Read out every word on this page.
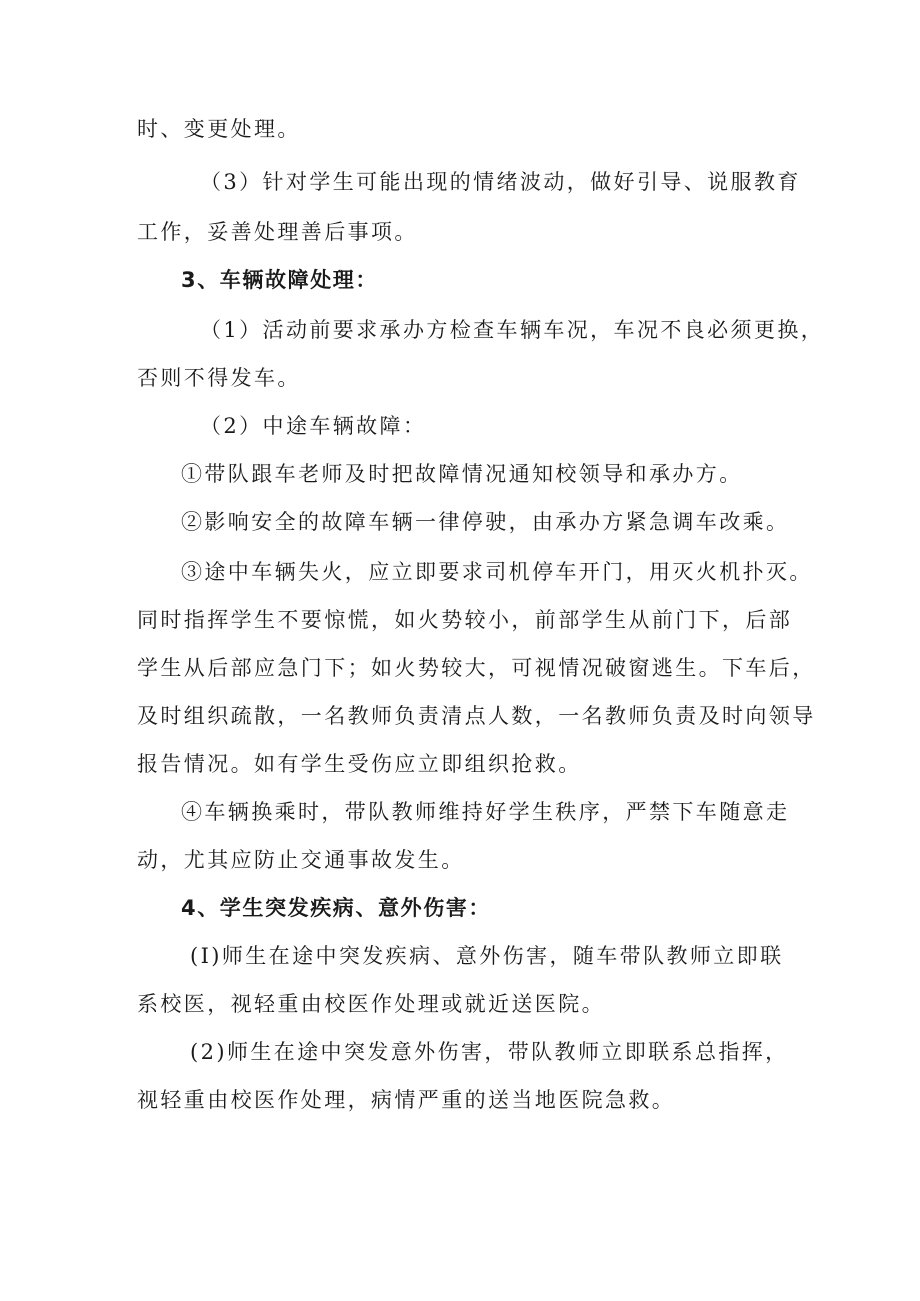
时、变更处理。
（3）针对学生可能出现的情绪波动，做好引导、说服教育
工作，妥善处理善后事项。
3、车辆故障处理：
（1）活动前要求承办方检查车辆车况，车况不良必须更换，
否则不得发车。
（2）中途车辆故障：
①带队跟车老师及时把故障情况通知校领导和承办方。
②影响安全的故障车辆一律停驶，由承办方紧急调车改乘。
③途中车辆失火，应立即要求司机停车开门，用灭火机扑灭。
同时指挥学生不要惊慌，如火势较小，前部学生从前门下，后部
学生从后部应急门下；如火势较大，可视情况破窗逃生。下车后，
及时组织疏散，一名教师负责清点人数，一名教师负责及时向领导
报告情况。如有学生受伤应立即组织抢救。
④车辆换乘时，带队教师维持好学生秩序，严禁下车随意走
动，尤其应防止交通事故发生。
4、学生突发疾病、意外伤害：
(I)师生在途中突发疾病、意外伤害，随车带队教师立即联
系校医，视轻重由校医作处理或就近送医院。
(2)师生在途中突发意外伤害，带队教师立即联系总指挥，
视轻重由校医作处理，病情严重的送当地医院急救。
